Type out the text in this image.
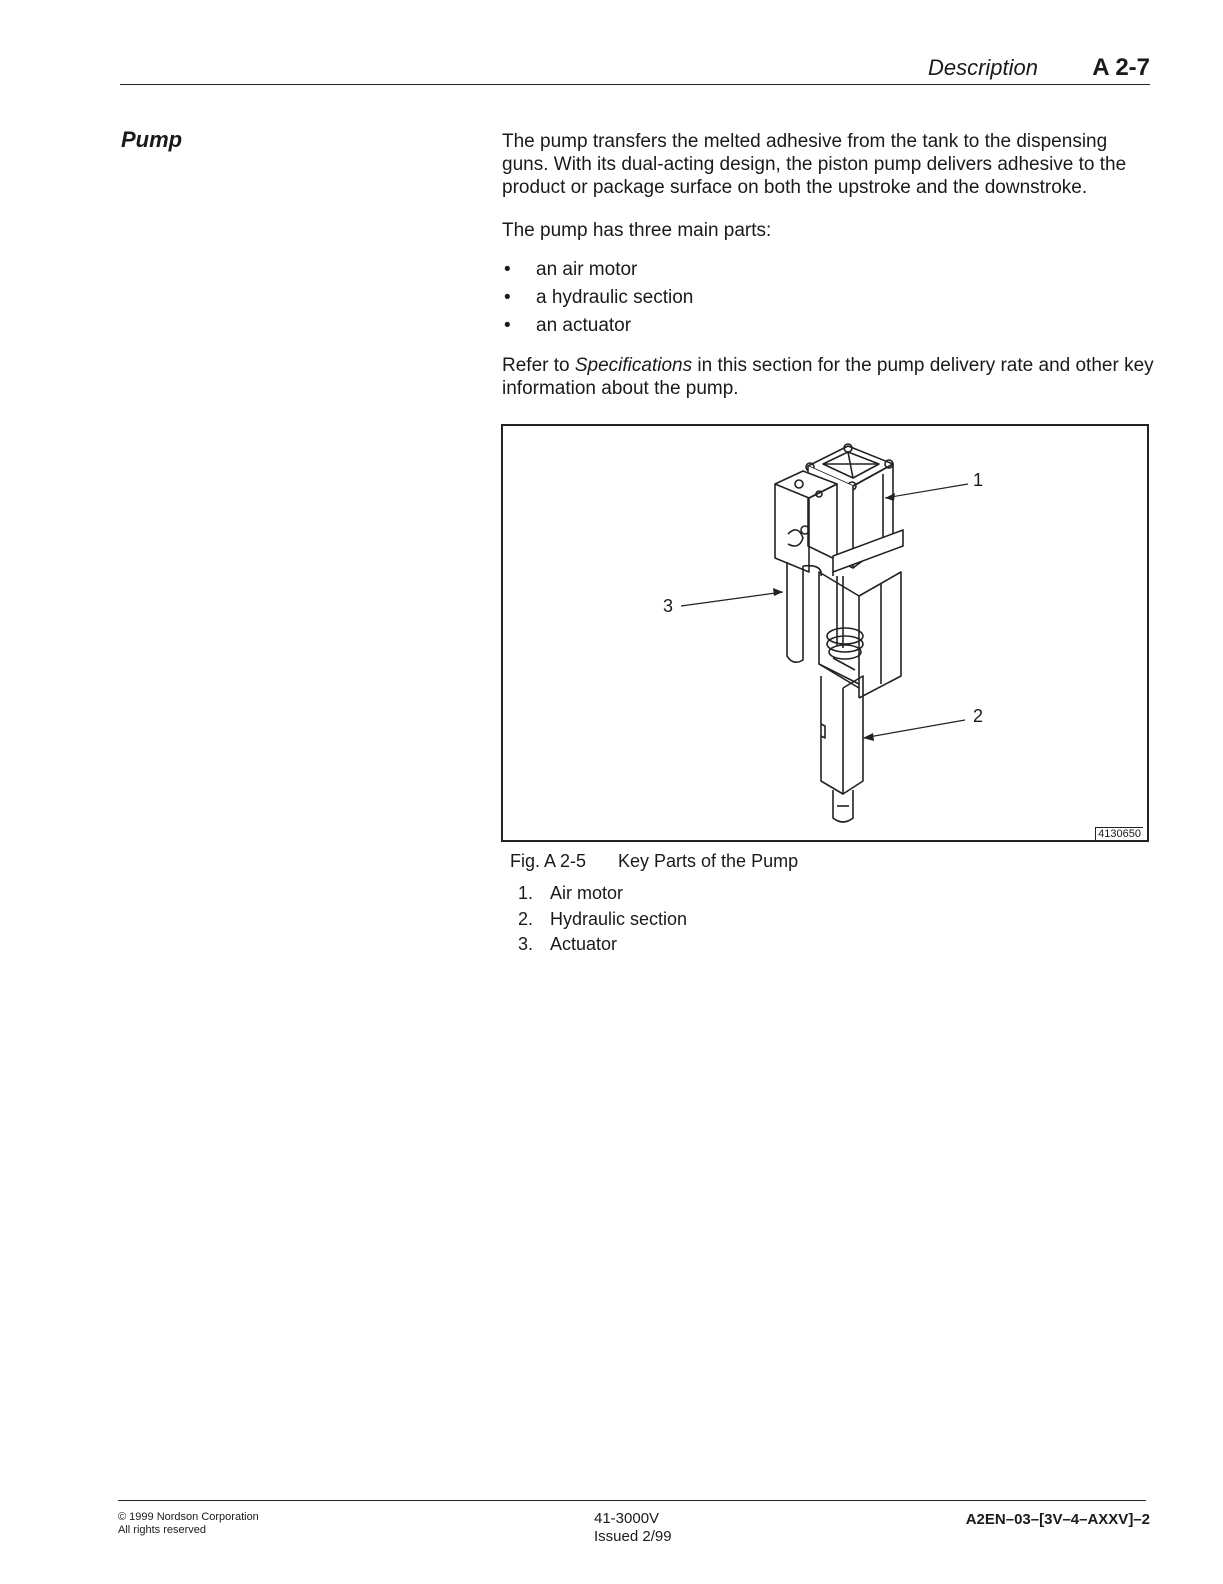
Description A 2-7
Pump	The pump transfers the melted adhesive from the tank to the dispensing guns. With its dual-acting design, the piston pump delivers adhesive to the product or package surface on both the upstroke and the downstroke.

The pump has three main parts:

• an air motor
• a hydraulic section
• an actuator

Refer to Specifications in this section for the pump delivery rate and other key information about the pump.

1
2
3
4130650
Fig. A 2-5 Key Parts of the Pump
1. Air motor
2. Hydraulic section
3. Actuator
© 1999 Nordson Corporation
All rights reserved
41-3000V
Issued 2/99
A2EN–03–[3V–4–AXXV]–2
